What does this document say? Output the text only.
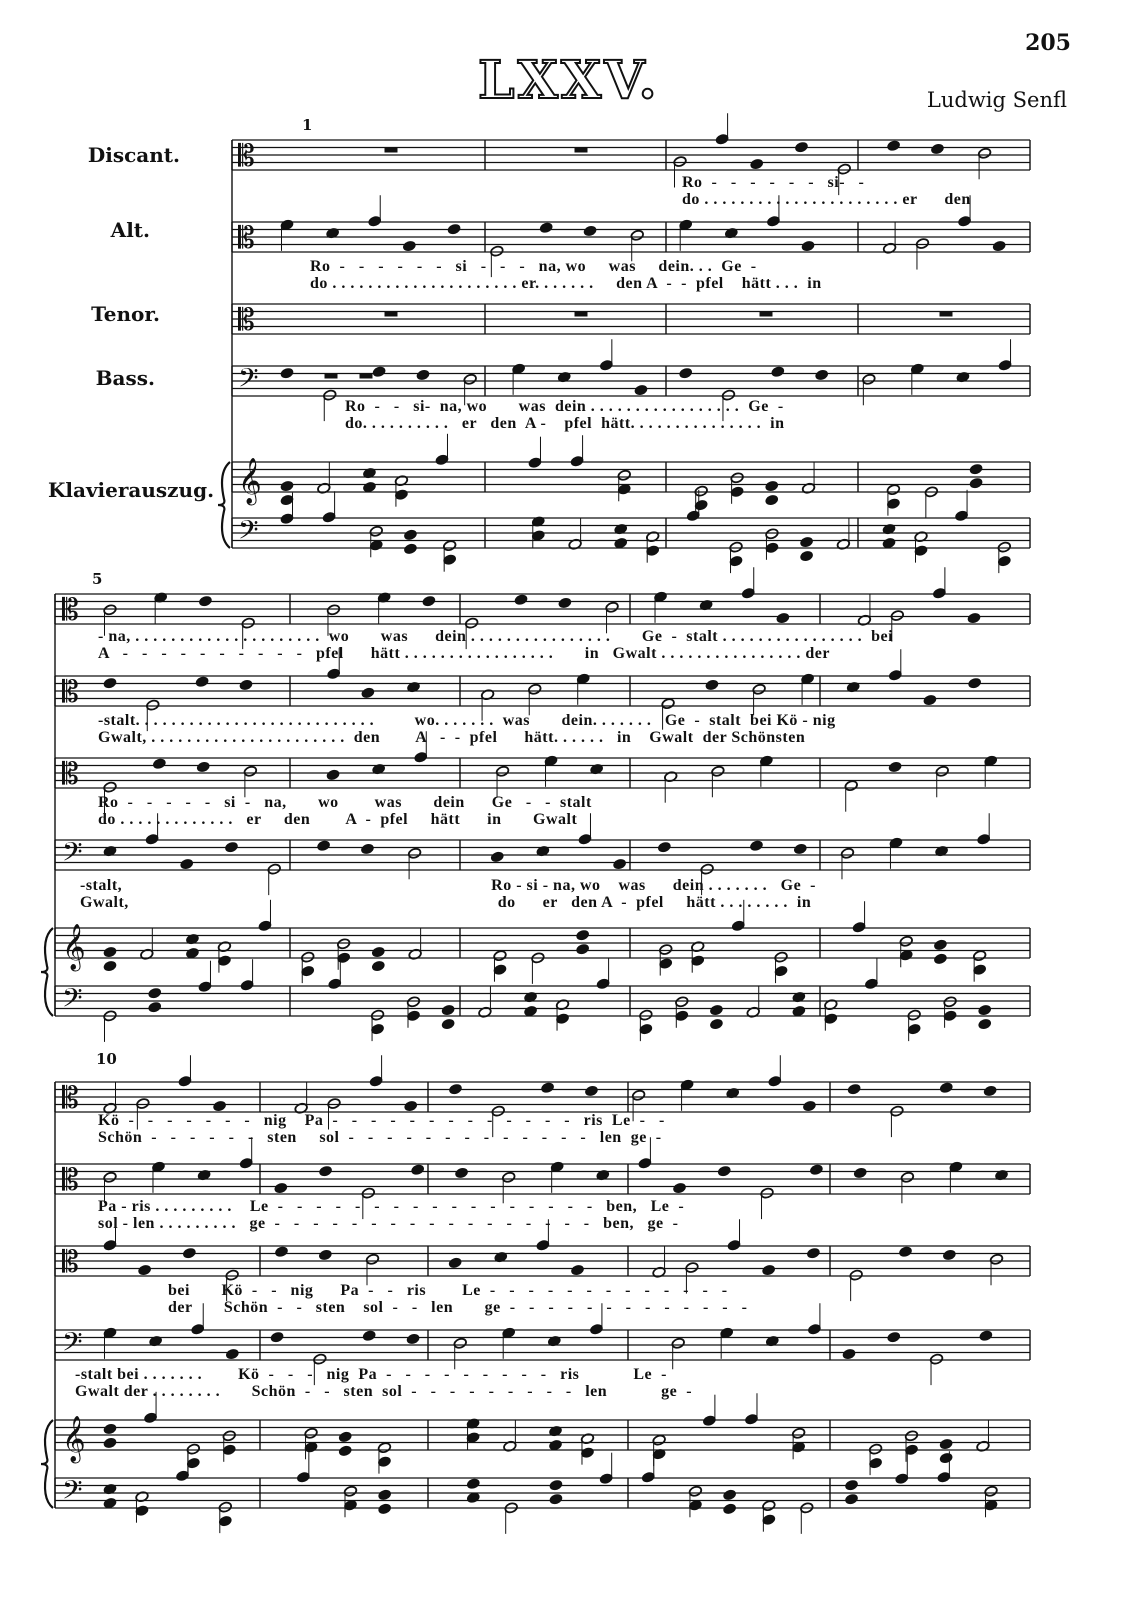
205
LXXV.	Ludwig Senfl
Discant.
Alt.
Tenor.
Bass.
Klavierauszug.
1
5
10
𝄡
𝄡
𝄡
𝄢
𝄞
𝄢
𝄡
𝄡
𝄡
𝄢
𝄞
𝄢
𝄡
𝄡
𝄡
𝄢
𝄞
𝄢
Ro  -   -   -   -   -   -   si-   -
do . . . . . . . . . . . . . . . . . . . . . . er      den
Ro  -   -   -   -   -   -   si   -   -   -   na, wo     was     dein. . .  Ge  -
do . . . . . . . . . . . . . . . . . . . . . er. . . . . . .     den A  -  -  pfel    hätt . . .  in
Ro  -   -   si-  na, wo       was  dein . . . . . . . . . . . . . . . . .  Ge  -
do. . . . . . . . . .   er   den  A -    pfel  hätt. . . . . . . . . . . . . . .  in
- na, . . . . . . . . . . . . . . . . . . . . .  wo       was      dein . . . . . . . . . . . . . . . .       Ge  -  stalt . . . . . . . . . . . . . . . .  bei
A   -   -   -   -   -   -   -   -   -   -   pfel      hätt . . . . . . . . . . . . . . . . .       in   Gwalt . . . . . . . . . . . . . . . . der
-stalt. . . . . . . . . . . . . . . . . . . . . . . . . . .         wo. . . . . . .  was       dein. . . . . . .   Ge  -  stalt  bei Kö - nig
Gwalt, . . . . . . . . . . . . . . . . . . . . . .  den        A   -  -  pfel      hätt. . . . . .   in    Gwalt  der Schönsten
Ro  -   -   -   -   -   si  -   na,       wo        was       dein      Ge   -   -  stalt
do . . . . . . . . . . . . .   er     den        A  -  pfel     hätt      in       Gwalt
-stalt,                                                                                  Ro - si - na, wo    was      dein . . . . . . .   Ge  -
Gwalt,                                                                                  do      er   den A  -  pfel     hätt . . . . . . . .  in
Kö  -   -   -   -   -   -   -   nig    Pa  -   -   -   -   -   -   -   -   -   -   -   -   -   ris  Le  -   -
Schön  -   -   -   -   -   -   sten     sol  -   -   -   -   -   -   -   -   -   -   -   -   -   len  ge  -
Pa - ris . . . . . . . . .    Le  -   -   -   -   -   -   -   -   -   -   -   -   -   -   -   -   -   ben,   Le  -
sol - len . . . . . . . . .   ge  -   -   -   -   -   -   -   -   -   -   -   -   -   -   -   -   -   ben,   ge  -
bei       Kö  -   -   nig      Pa  -   -   ris        Le  -   -   -   -   -   -   -   -   -   -   -   -   -
der       Schön  -   -   sten    sol  -   -   len       ge  -   -   -   -   -   -   -   -   -   -   -   -   -
-stalt bei . . . . . . .        Kö  -   -   -   nig  Pa  -   -   -   -   -   -   -   -   -   ris            Le  -
Gwalt der . . . . . . . .       Schön  -   -   sten  sol  -   -   -   -   -   -   -   -   -   len            ge  -
